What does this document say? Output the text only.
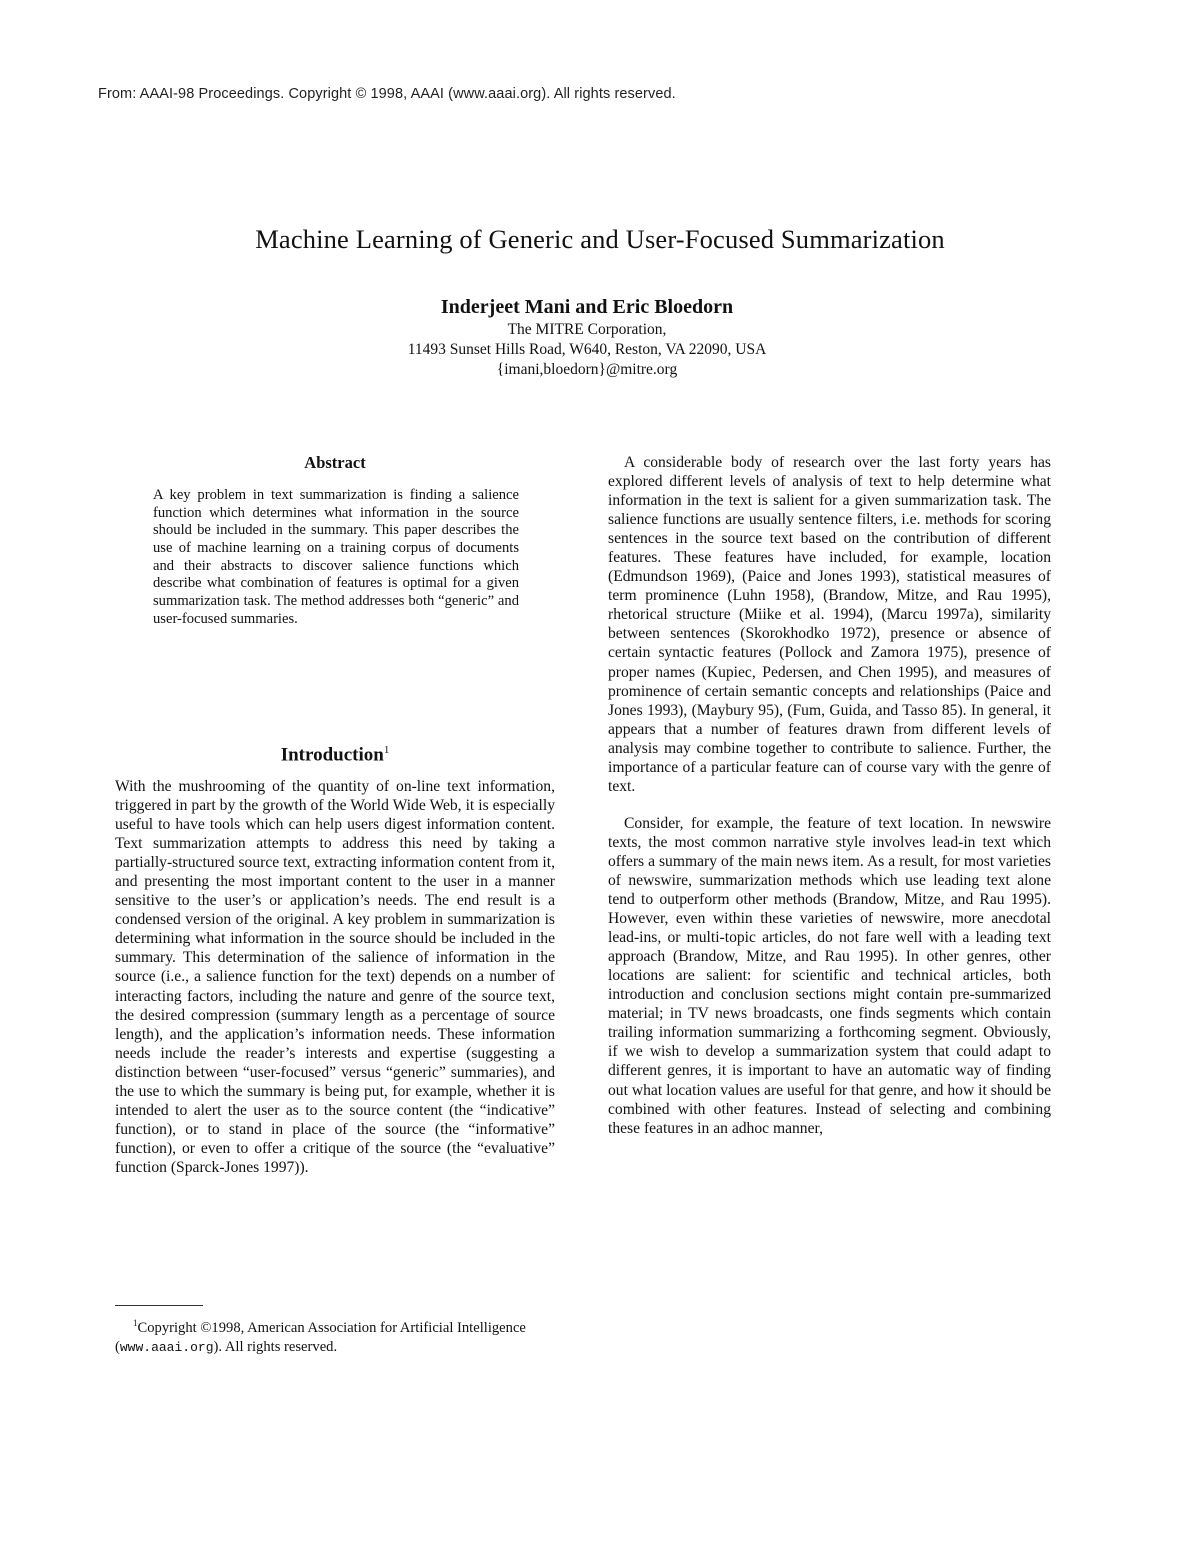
From: AAAI-98 Proceedings. Copyright © 1998, AAAI (www.aaai.org). All rights reserved.
Machine Learning of Generic and User-Focused Summarization
Inderjeet Mani and Eric Bloedorn
The MITRE Corporation,
11493 Sunset Hills Road, W640, Reston, VA 22090, USA
{imani,bloedorn}@mitre.org
Abstract

A key problem in text summarization is finding a salience function which determines what information in the source should be included in the summary. This paper describes the use of machine learning on a training corpus of documents and their abstracts to discover salience functions which describe what combination of features is optimal for a given summarization task. The method addresses both “generic” and user-focused summaries.

Introduction$^1$

With the mushrooming of the quantity of on-line text information, triggered in part by the growth of the World Wide Web, it is especially useful to have tools which can help users digest information content. Text summarization attempts to address this need by taking a partially-structured source text, extracting information content from it, and presenting the most important content to the user in a manner sensitive to the user’s or application’s needs. The end result is a condensed version of the original. A key problem in summarization is determining what information in the source should be included in the summary. This determination of the salience of information in the source (i.e., a salience function for the text) depends on a number of interacting factors, including the nature and genre of the source text, the desired compression (summary length as a percentage of source length), and the application’s information needs. These information needs include the reader’s interests and expertise (suggesting a distinction between “user-focused” versus “generic” summaries), and the use to which the summary is being put, for example, whether it is intended to alert the user as to the source content (the “indicative” function), or to stand in place of the source (the “informative” function), or even to offer a critique of the source (the “evaluative” function (Sparck-Jones 1997)).

$^1$Copyright ©1998, American Association for Artificial Intelligence (www.aaai.org). All rights reserved.

A considerable body of research over the last forty years has explored different levels of analysis of text to help determine what information in the text is salient for a given summarization task. The salience functions are usually sentence filters, i.e. methods for scoring sentences in the source text based on the contribution of different features. These features have included, for example, location (Edmundson 1969), (Paice and Jones 1993), statistical measures of term prominence (Luhn 1958), (Brandow, Mitze, and Rau 1995), rhetorical structure (Miike et al. 1994), (Marcu 1997a), similarity between sentences (Skorokhodko 1972), presence or absence of certain syntactic features (Pollock and Zamora 1975), presence of proper names (Kupiec, Pedersen, and Chen 1995), and measures of prominence of certain semantic concepts and relationships (Paice and Jones 1993), (Maybury 95), (Fum, Guida, and Tasso 85). In general, it appears that a number of features drawn from different levels of analysis may combine together to contribute to salience. Further, the importance of a particular feature can of course vary with the genre of text.

Consider, for example, the feature of text location. In newswire texts, the most common narrative style involves lead-in text which offers a summary of the main news item. As a result, for most varieties of newswire, summarization methods which use leading text alone tend to outperform other methods (Brandow, Mitze, and Rau 1995). However, even within these varieties of newswire, more anecdotal lead-ins, or multi-topic articles, do not fare well with a leading text approach (Brandow, Mitze, and Rau 1995). In other genres, other locations are salient: for scientific and technical articles, both introduction and conclusion sections might contain pre-summarized material; in TV news broadcasts, one finds segments which contain trailing information summarizing a forthcoming segment. Obviously, if we wish to develop a summarization system that could adapt to different genres, it is important to have an automatic way of finding out what location values are useful for that genre, and how it should be combined with other features. Instead of selecting and combining these features in an adhoc manner,
